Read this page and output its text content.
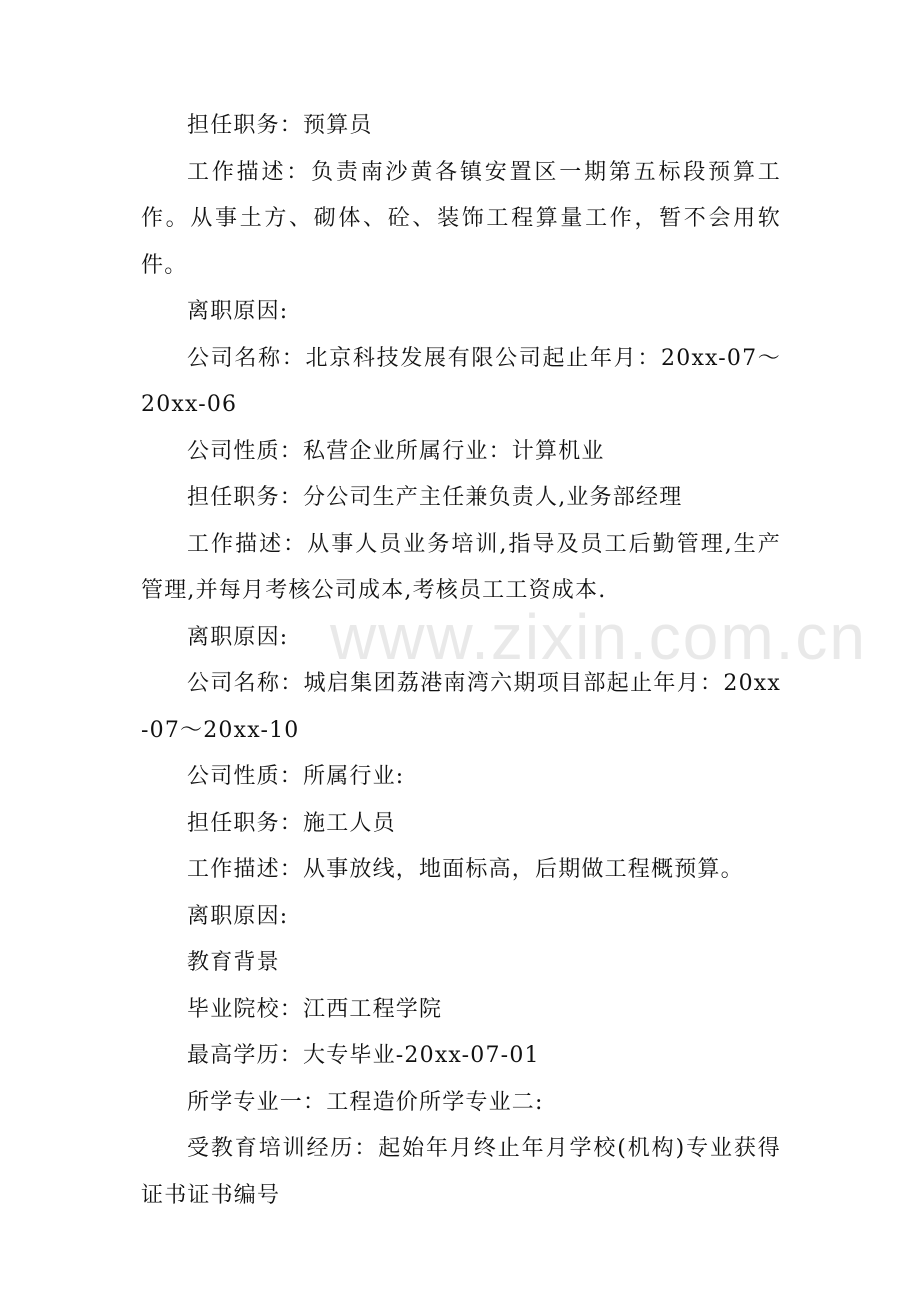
www.zixin.com.cn

担任职务：预算员

工作描述：负责南沙黄各镇安置区一期第五标段预算工作。从事土方、砌体、砼、装饰工程算量工作，暂不会用软件。

离职原因:

公司名称：北京科技发展有限公司起止年月：20xx-07～20xx-06

公司性质：私营企业所属行业：计算机业

担任职务：分公司生产主任兼负责人,业务部经理

工作描述：从事人员业务培训,指导及员工后勤管理,生产管理,并每月考核公司成本,考核员工工资成本.

离职原因:

公司名称：城启集团荔港南湾六期项目部起止年月：20xx-07～20xx-10

公司性质：所属行业:

担任职务：施工人员

工作描述：从事放线，地面标高，后期做工程概预算。

离职原因:

教育背景

毕业院校：江西工程学院

最高学历：大专毕业-20xx-07-01

所学专业一：工程造价所学专业二:

受教育培训经历：起始年月终止年月学校(机构)专业获得证书证书编号
